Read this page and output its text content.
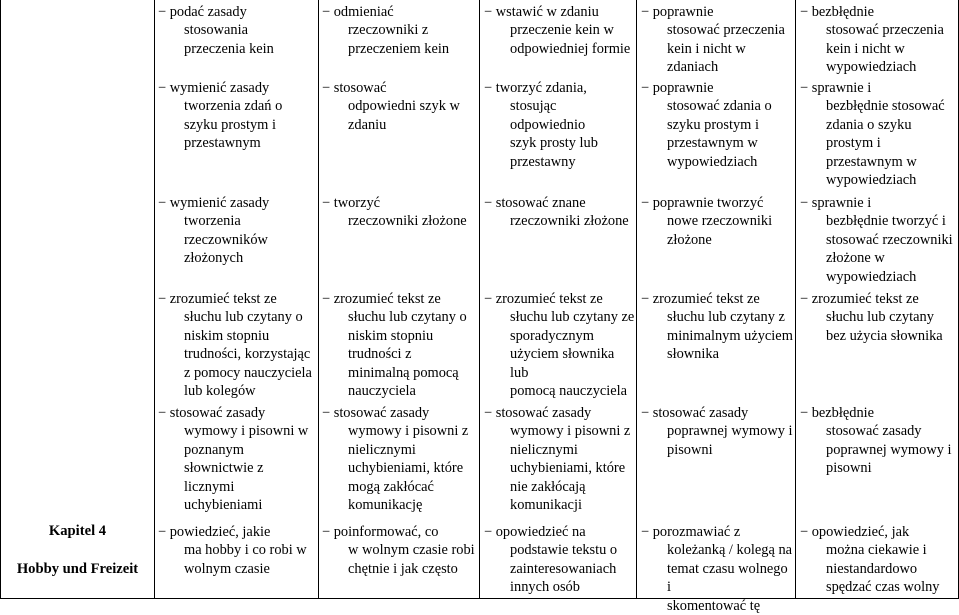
Kapitel 4
Hobby und Freizeit
− podać zasady
stosowania
przeczenia kein
− wymienić zasady
tworzenia zdań o
szyku prostym i
przestawnym
− wymienić zasady
tworzenia
rzeczowników
złożonych
− zrozumieć tekst ze
słuchu lub czytany o
niskim stopniu
trudności, korzystając
z pomocy nauczyciela
lub kolegów
− stosować zasady
wymowy i pisowni w
poznanym
słownictwie z
licznymi
uchybieniami
− powiedzieć, jakie
ma hobby i co robi w
wolnym czasie
− odmieniać
rzeczowniki z
przeczeniem kein
− stosować
odpowiedni szyk w
zdaniu
− tworzyć
rzeczowniki złożone
− zrozumieć tekst ze
słuchu lub czytany o
niskim stopniu
trudności z
minimalną pomocą
nauczyciela
− stosować zasady
wymowy i pisowni z
nielicznymi
uchybieniami, które
mogą zakłócać
komunikację
− poinformować, co
w wolnym czasie robi
chętnie i jak często
− wstawić w zdaniu
przeczenie kein w
odpowiedniej formie
− tworzyć zdania,
stosując odpowiednio
szyk prosty lub
przestawny
− stosować znane
rzeczowniki złożone
− zrozumieć tekst ze
słuchu lub czytany ze
sporadycznym
użyciem słownika lub
pomocą nauczyciela
− stosować zasady
wymowy i pisowni z
nielicznymi
uchybieniami, które
nie zakłócają
komunikacji
− opowiedzieć na
podstawie tekstu o
zainteresowaniach
innych osób
− poprawnie
stosować przeczenia
kein i nicht w
zdaniach
− poprawnie
stosować zdania o
szyku prostym i
przestawnym w
wypowiedziach
− poprawnie tworzyć
nowe rzeczowniki
złożone
− zrozumieć tekst ze
słuchu lub czytany z
minimalnym użyciem
słownika
− stosować zasady
poprawnej wymowy i
pisowni
− porozmawiać z
koleżanką / kolegą na
temat czasu wolnego i
skomentować tę
− bezbłędnie
stosować przeczenia
kein i nicht w
wypowiedziach
− sprawnie i
bezbłędnie stosować
zdania o szyku
prostym i
przestawnym w
wypowiedziach
− sprawnie i
bezbłędnie tworzyć i
stosować rzeczowniki
złożone w
wypowiedziach
− zrozumieć tekst ze
słuchu lub czytany
bez użycia słownika
− bezbłędnie
stosować zasady
poprawnej wymowy i
pisowni
− opowiedzieć, jak
można ciekawie i
niestandardowo
spędzać czas wolny
